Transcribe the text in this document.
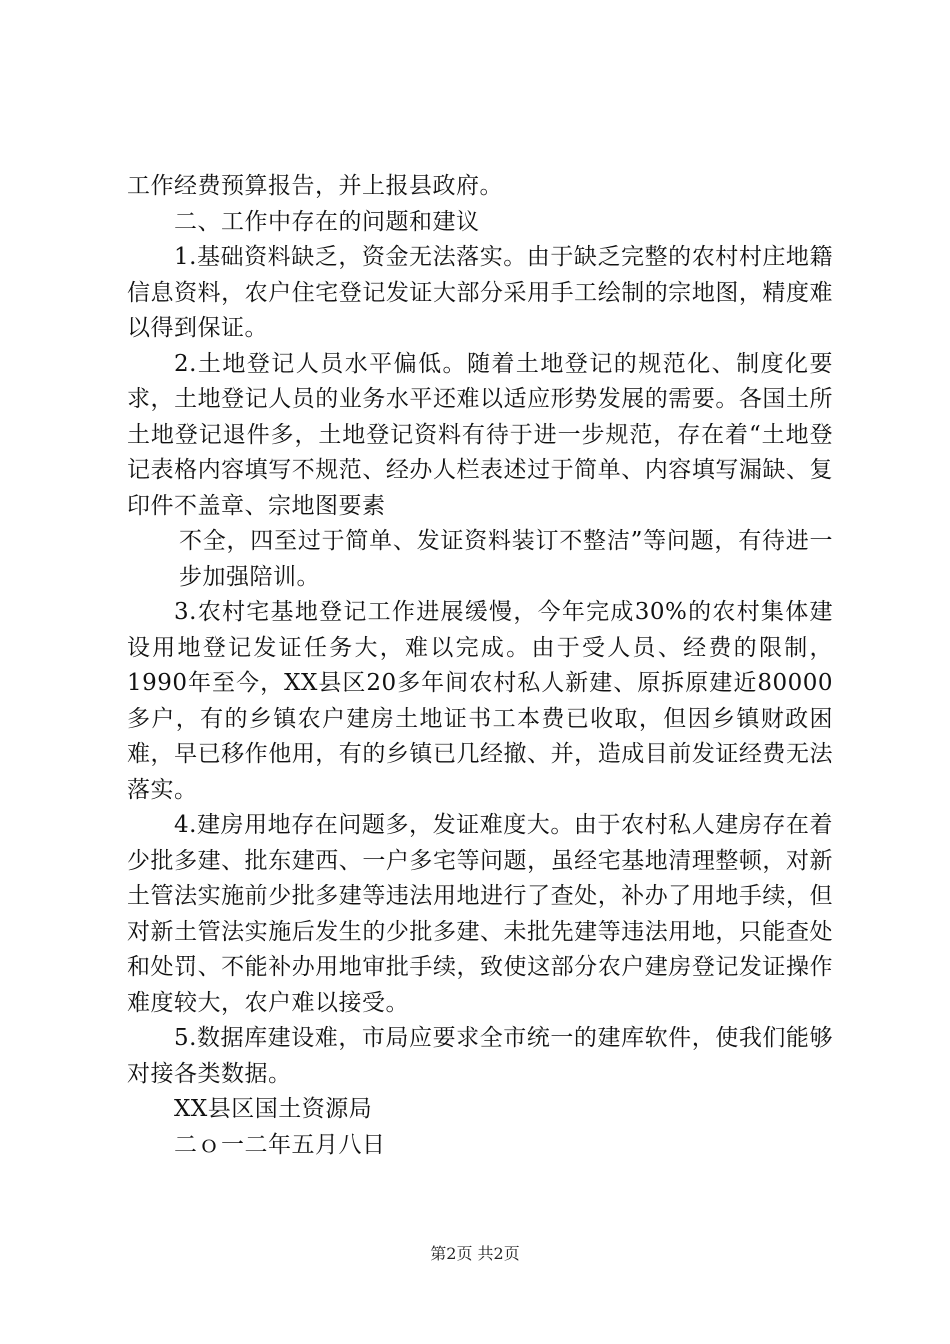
工作经费预算报告，并上报县政府。

二、工作中存在的问题和建议

1.基础资料缺乏，资金无法落实。由于缺乏完整的农村村庄地籍信息资料，农户住宅登记发证大部分采用手工绘制的宗地图，精度难以得到保证。

2.土地登记人员水平偏低。随着土地登记的规范化、制度化要求，土地登记人员的业务水平还难以适应形势发展的需要。各国土所土地登记退件多，土地登记资料有待于进一步规范，存在着“土地登记表格内容填写不规范、经办人栏表述过于简单、内容填写漏缺、复印件不盖章、宗地图要素

不全，四至过于简单、发证资料装订不整洁”等问题，有待进一步加强陪训。

3.农村宅基地登记工作进展缓慢，今年完成30%的农村集体建设用地登记发证任务大，难以完成。由于受人员、经费的限制，1990年至今，XX县区20多年间农村私人新建、原拆原建近80000多户，有的乡镇农户建房土地证书工本费已收取，但因乡镇财政困难，早已移作他用，有的乡镇已几经撤、并，造成目前发证经费无法落实。

4.建房用地存在问题多，发证难度大。由于农村私人建房存在着少批多建、批东建西、一户多宅等问题，虽经宅基地清理整顿，对新土管法实施前少批多建等违法用地进行了查处，补办了用地手续，但对新土管法实施后发生的少批多建、未批先建等违法用地，只能查处和处罚、不能补办用地审批手续，致使这部分农户建房登记发证操作难度较大，农户难以接受。

5.数据库建设难，市局应要求全市统一的建库软件，使我们能够对接各类数据。

XX县区国土资源局

二ｏ一二年五月八日

第2页 共2页
